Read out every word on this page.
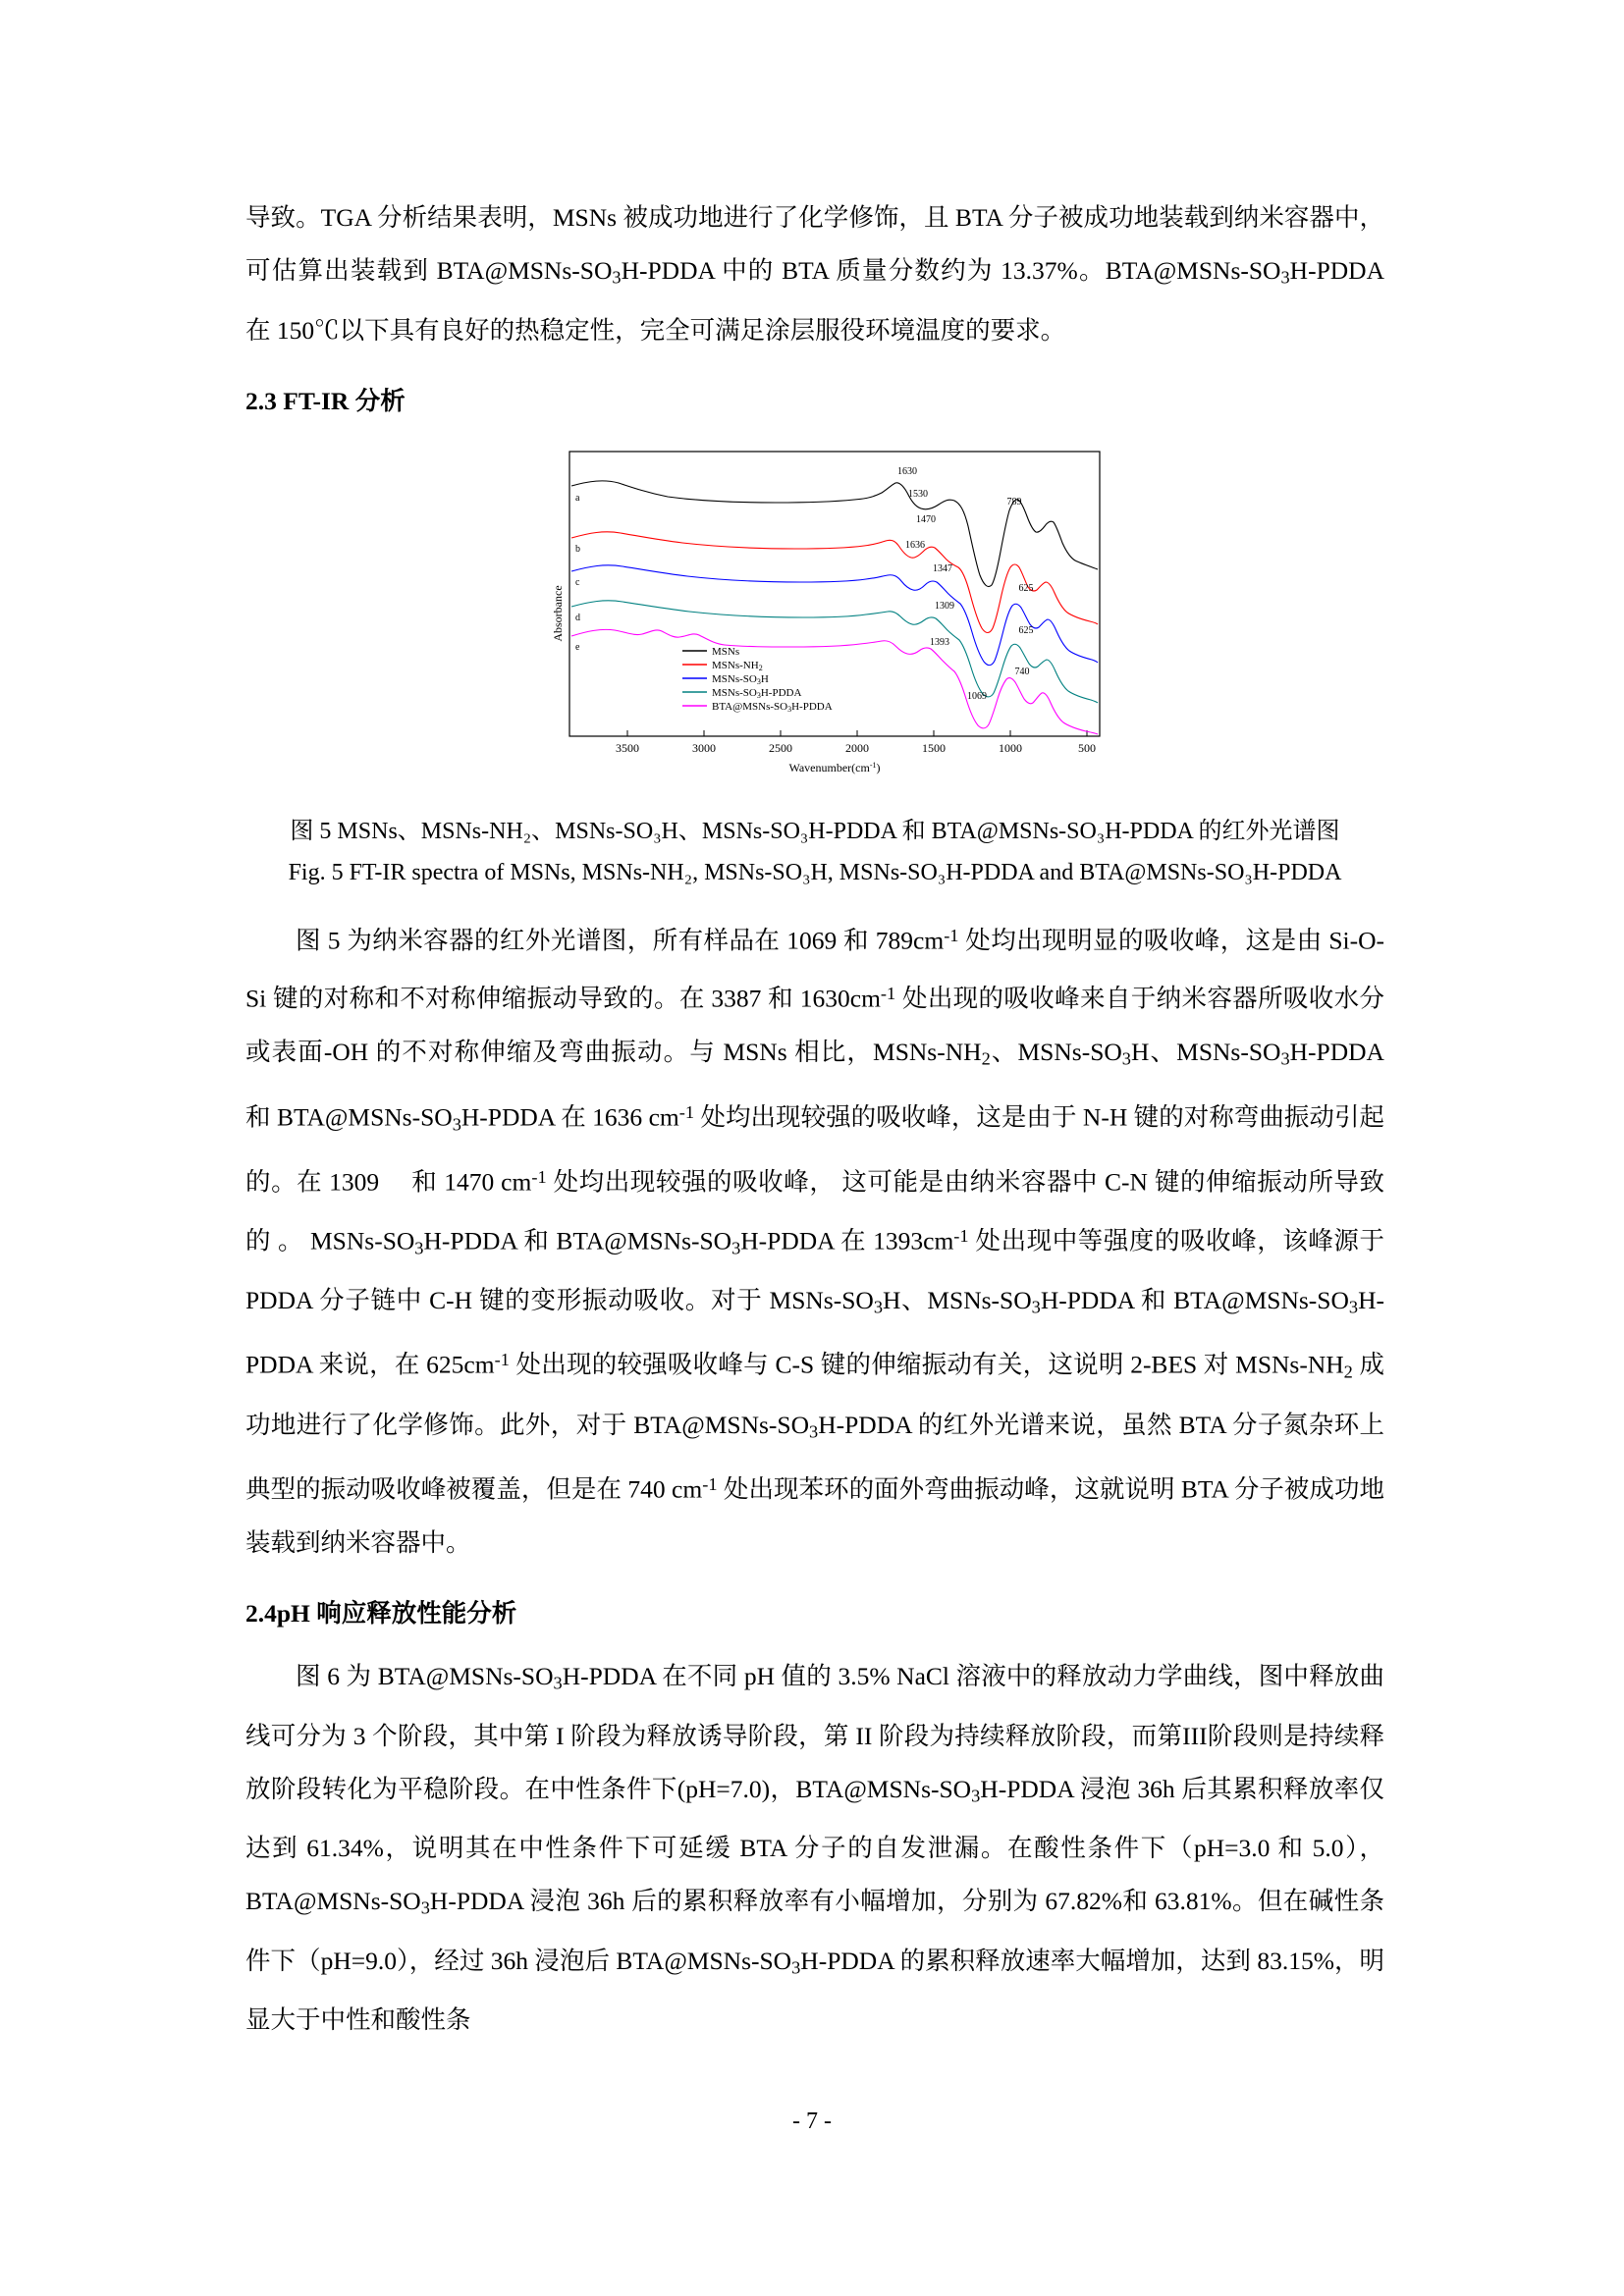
导致。TGA 分析结果表明，MSNs 被成功地进行了化学修饰，且 BTA 分子被成功地装载到纳米容器中，可估算出装载到 $BTA@MSNs-SO_3H$-PDDA 中的 BTA 质量分数约为 13.37%。$BTA@MSNs-SO_3H$-PDDA 在 150℃以下具有良好的热稳定性，完全可满足涂层服役环境温度的要求。

2.3 FT-IR 分析
3500	3000	2500	2000	1500	1000	500
$Wavenumber(cm^{-1})$
Absorbance
a
b
c
d
e
1630
1530
1470
789
1636
1347
1309
625
1393
625
740
1069
MSNs
MSNs-NH2
MSNs-SO3H
MSNs-SO3H-PDDA
BTA@MSNs-SO3H-PDDA
图 5 MSNs、MSNs-NH₂、MSNs-SO₃H、MSNs-SO₃H-PDDA 和 BTA@MSNs-SO₃H-PDDA 的红外光谱图
Fig. 5 FT-IR spectra of MSNs, MSNs-NH₂, MSNs-SO₃H, MSNs-SO₃H-PDDA and BTA@MSNs-SO₃H-PDDA

图 5 为纳米容器的红外光谱图，所有样品在 1069 和 $789cm^{-1}$ 处均出现明显的吸收峰，这是由 Si-O-Si 键的对称和不对称伸缩振动导致的。在 3387 和 $1630cm^{-1}$ 处出现的吸收峰来自于纳米容器所吸收水分或表面-OH 的不对称伸缩及弯曲振动。与 MSNs 相比，MSNs-$NH_2$、MSNs-$SO_3H$、MSNs-$SO_3H$-PDDA 和 $BTA@MSNs-SO_3H$-PDDA 在 1636 $cm^{-1}$ 处均出现较强的吸收峰，这是由于 N-H 键的对称弯曲振动引起的。在 1309 　和 1470 $cm^{-1}$ 处均出现较强的吸收峰， 这可能是由纳米容器中 C-N 键的伸缩振动所导致的 。 MSNs-$SO_3H$-PDDA 和 $BTA@MSNs-SO_3H$-PDDA 在 $1393cm^{-1}$ 处出现中等强度的吸收峰，该峰源于 PDDA 分子链中 C-H 键的变形振动吸收。对于 MSNs-$SO_3H$、MSNs-$SO_3H$-PDDA 和 $BTA@MSNs-SO_3H$-PDDA 来说，在 $625cm^{-1}$ 处出现的较强吸收峰与 C-S 键的伸缩振动有关，这说明 2-BES 对 MSNs-$NH_2$ 成功地进行了化学修饰。此外，对于 $BTA@MSNs-SO_3H$-PDDA 的红外光谱来说，虽然 BTA 分子氮杂环上典型的振动吸收峰被覆盖，但是在 740 $cm^{-1}$ 处出现苯环的面外弯曲振动峰，这就说明 BTA 分子被成功地装载到纳米容器中。

2.4pH 响应释放性能分析

图 6 为 $BTA@MSNs-SO_3H$-PDDA 在不同 pH 值的 3.5% NaCl 溶液中的释放动力学曲线，图中释放曲线可分为 3 个阶段，其中第 I 阶段为释放诱导阶段，第 II 阶段为持续释放阶段，而第III阶段则是持续释放阶段转化为平稳阶段。在中性条件下(pH=7.0)，$BTA@MSNs-SO_3H$-PDDA 浸泡 36h 后其累积释放率仅达到 61.34%，说明其在中性条件下可延缓 BTA 分子的自发泄漏。在酸性条件下（pH=3.0 和 5.0），$BTA@MSNs-SO_3H$-PDDA 浸泡 36h 后的累积释放率有小幅增加，分别为 67.82%和 63.81%。但在碱性条件下（pH=9.0），经过 36h 浸泡后 $BTA@MSNs-SO_3H$-PDDA 的累积释放速率大幅增加，达到 83.15%，明显大于中性和酸性条

- 7 -
